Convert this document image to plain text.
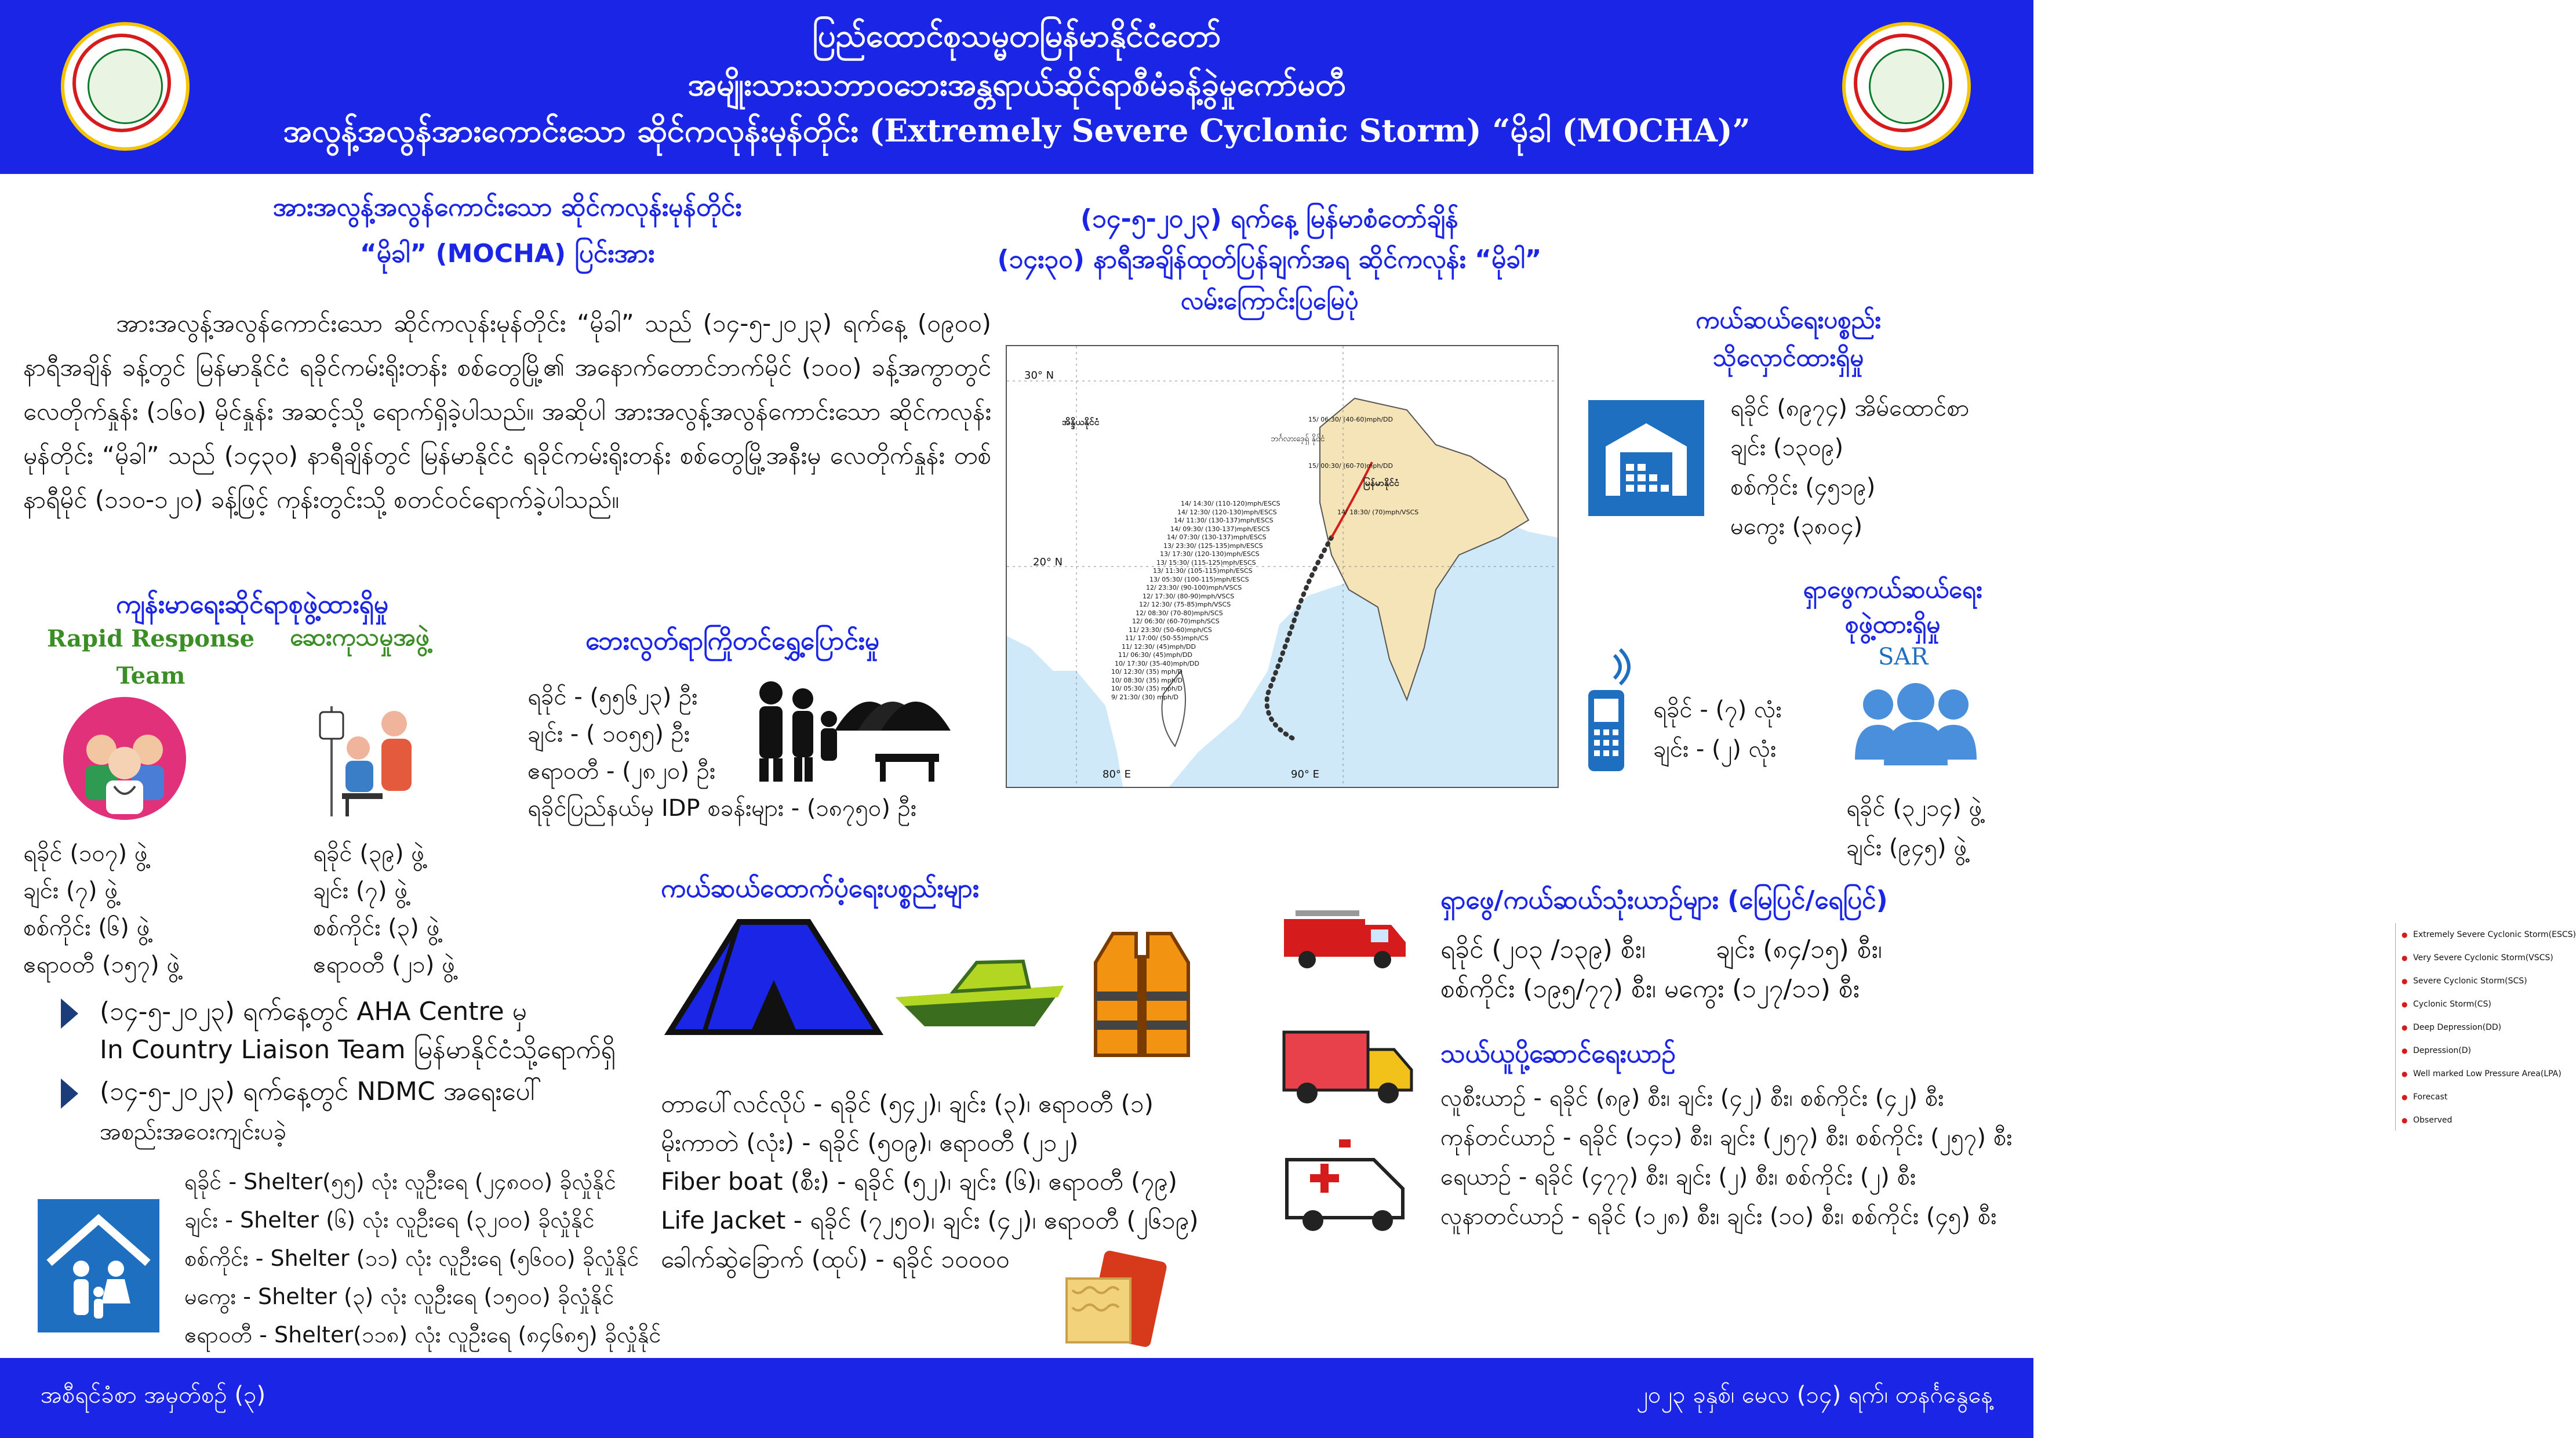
ပြည်ထောင်စုသမ္မတမြန်မာနိုင်ငံတော်
အမျိုးသားသဘာဝဘေးအန္တရာယ်ဆိုင်ရာစီမံခန့်ခွဲမှုကော်မတီ
အလွန့်အလွန်အားကောင်းသော ဆိုင်ကလုန်းမုန်တိုင်း (Extremely Severe Cyclonic Storm) “မိုခါ (MOCHA)”
အားအလွန့်အလွန်ကောင်းသော ဆိုင်ကလုန်းမုန်တိုင်း
“မိုခါ” (MOCHA) ပြင်းအား
အားအလွန့်အလွန်ကောင်းသော ဆိုင်ကလုန်းမုန်တိုင်း “မိုခါ” သည် (၁၄-၅-၂၀၂၃) ရက်နေ့ (၀၉၀၀) နာရီအချိန် ခန့်တွင် မြန်မာနိုင်ငံ ရခိုင်ကမ်းရိုးတန်း စစ်တွေမြို့၏ အနောက်တောင်ဘက်မိုင် (၁၀၀) ခန့်အကွာတွင် လေတိုက်နှုန်း (၁၆၀) မိုင်နှုန်း အဆင့်သို့ ရောက်ရှိခဲ့ပါသည်။ အဆိုပါ အားအလွန့်အလွန်ကောင်းသော ဆိုင်ကလုန်းမုန်တိုင်း “မိုခါ” သည် (၁၄၃၀) နာရီချိန်တွင် မြန်မာနိုင်ငံ ရခိုင်ကမ်းရိုးတန်း စစ်တွေမြို့အနီးမှ လေတိုက်နှုန်း တစ်နာရီမိုင် (၁၁၀-၁၂၀) ခန့်ဖြင့် ကုန်းတွင်းသို့ စတင်ဝင်ရောက်ခဲ့ပါသည်။
ကျန်းမာရေးဆိုင်ရာစုဖွဲ့ထားရှိမှု
Rapid Response Team
ဆေးကုသမှုအဖွဲ့
ရခိုင် (၁၀၇) ဖွဲ့
ချင်း (၇) ဖွဲ့
စစ်ကိုင်း (၆) ဖွဲ့
ဧရာဝတီ (၁၅၇) ဖွဲ့
ရခိုင် (၃၉) ဖွဲ့
ချင်း (၇) ဖွဲ့
စစ်ကိုင်း (၃) ဖွဲ့
ဧရာဝတီ (၂၁) ဖွဲ့
(၁၄-၅-၂၀၂၃) ရက်နေ့တွင် AHA Centre မှ
In Country Liaison Team မြန်မာနိုင်ငံသို့ရောက်ရှိ
(၁၄-၅-၂၀၂၃) ရက်နေ့တွင် NDMC အရေးပေါ်
အစည်းအဝေးကျင်းပခဲ့
ရခိုင် - Shelter(၅၅) လုံး လူဦးရေ (၂၄၈၀၀) ခိုလှုံနိုင်
ချင်း - Shelter (၆) လုံး လူဦးရေ (၃၂၀၀) ခိုလှုံနိုင်
စစ်ကိုင်း - Shelter (၁၁) လုံး လူဦးရေ (၅၆၀၀) ခိုလှုံနိုင်
မကွေး - Shelter (၃) လုံး လူဦးရေ (၁၅၀၀) ခိုလှုံနိုင်
ဧရာဝတီ - Shelter(၁၁၈) လုံး လူဦးရေ (၈၄၆၈၅) ခိုလှုံနိုင်
ဘေးလွတ်ရာကြိုတင်ရွှေ့ပြောင်းမှု
ရခိုင် - (၅၅၆၂၃) ဦး
ချင်း - ( ၁၀၅၅) ဦး
ဧရာဝတီ - (၂၈၂၀) ဦး
ရခိုင်ပြည်နယ်မှ IDP စခန်းများ - (၁၈၇၅၀) ဦး
(၁၄-၅-၂၀၂၃) ရက်နေ့ မြန်မာစံတော်ချိန်
(၁၄း၃၀) နာရီအချိန်ထုတ်ပြန်ချက်အရ ဆိုင်ကလုန်း “မိုခါ”
လမ်းကြောင်းပြမြေပုံ
30° N
20° N
80° E	90° E
အိန္ဒိယနိုင်ငံ
ဘင်္ဂလားဒေ့ရှ် နိုင်ငံ
မြန်မာနိုင်ငံ
15/ 06:30/ (40-60)mph/DD
15/ 00:30/ (60-70)mph/DD
14/ 18:30/ (70)mph/VSCS
14/ 14:30/ (110-120)mph/ESCS
14/ 12:30/ (120-130)mph/ESCS
14/ 11:30/ (130-137)mph/ESCS
14/ 09:30/ (130-137)mph/ESCS
14/ 07:30/ (130-137)mph/ESCS
13/ 23:30/ (125-135)mph/ESCS
13/ 17:30/ (120-130)mph/ESCS
13/ 15:30/ (115-125)mph/ESCS
13/ 11:30/ (105-115)mph/ESCS
13/ 05:30/ (100-115)mph/ESCS
12/ 23:30/ (90-100)mph/VSCS
12/ 17:30/ (80-90)mph/VSCS
12/ 12:30/ (75-85)mph/VSCS
12/ 08:30/ (70-80)mph/SCS
12/ 06:30/ (60-70)mph/SCS
11/ 23:30/ (50-60)mph/CS
11/ 17:00/ (50-55)mph/CS
11/ 12:30/ (45)mph/DD
11/ 06:30/ (45)mph/DD
10/ 17:30/ (35-40)mph/DD
10/ 12:30/ (35) mph/D
10/ 08:30/ (35) mph/D
10/ 05:30/ (35) mph/D
9/ 21:30/ (30) mph/D
● Extremely Severe Cyclonic Storm(ESCS)
● Very Severe Cyclonic Storm(VSCS)
● Severe Cyclonic Storm(SCS)
● Cyclonic Storm(CS)
● Deep Depression(DD)
● Depression(D)
● Well marked Low Pressure Area(LPA)
● Forecast
● Observed
ကယ်ဆယ်ရေးပစ္စည်း
သိုလှောင်ထားရှိမှု
ရခိုင် (၈၉၇၄) အိမ်ထောင်စာ
ချင်း (၁၃၀၉)
စစ်ကိုင်း (၄၅၁၉)
မကွေး (၃၈၀၄)
ရှာဖွေကယ်ဆယ်ရေး
စုဖွဲ့ထားရှိမှု
SAR
ရခိုင် - (၇) လုံး
ချင်း - (၂) လုံး
ရခိုင် (၃၂၁၄) ဖွဲ့
ချင်း (၉၄၅) ဖွဲ့
ကယ်ဆယ်ထောက်ပံ့ရေးပစ္စည်းများ
တာပေါ်လင်လိုပ် - ရခိုင် (၅၄၂)၊ ချင်း (၃)၊ ဧရာဝတီ (၁)
မိုးကာတဲ (လုံး) - ရခိုင် (၅၀၉)၊ ဧရာဝတီ (၂၁၂)
Fiber boat (စီး) - ရခိုင် (၅၂)၊ ချင်း (၆)၊ ဧရာဝတီ (၇၉)
Life Jacket - ရခိုင် (၇၂၅၀)၊ ချင်း (၄၂)၊ ဧရာဝတီ (၂၆၁၉)
ခေါက်ဆွဲခြောက် (ထုပ်) - ရခိုင် ၁၀၀၀၀
ရှာဖွေ/ကယ်ဆယ်သုံးယာဉ်များ (မြေပြင်/ရေပြင်)
ရခိုင် (၂၀၃ /၁၃၉) စီး၊	ချင်း (၈၄/၁၅) စီး၊
စစ်ကိုင်း (၁၉၅/၇၇) စီး၊ မကွေး (၁၂၇/၁၁) စီး
သယ်ယူပို့ဆောင်ရေးယာဉ်
လူစီးယာဉ် - ရခိုင် (၈၉) စီး၊ ချင်း (၄၂) စီး၊ စစ်ကိုင်း (၄၂) စီး
ကုန်တင်ယာဉ် - ရခိုင် (၁၄၁) စီး၊ ချင်း (၂၅၇) စီး၊ စစ်ကိုင်း (၂၅၇) စီး
ရေယာဉ် - ရခိုင် (၄၇၇) စီး၊ ချင်း (၂) စီး၊ စစ်ကိုင်း (၂) စီး
လူနာတင်ယာဉ် - ရခိုင် (၁၂၈) စီး၊ ချင်း (၁၀) စီး၊ စစ်ကိုင်း (၄၅) စီး
အစီရင်ခံစာ အမှတ်စဉ် (၃)	၂၀၂၃ ခုနှစ်၊ မေလ (၁၄) ရက်၊ တနင်္ဂနွေနေ့
